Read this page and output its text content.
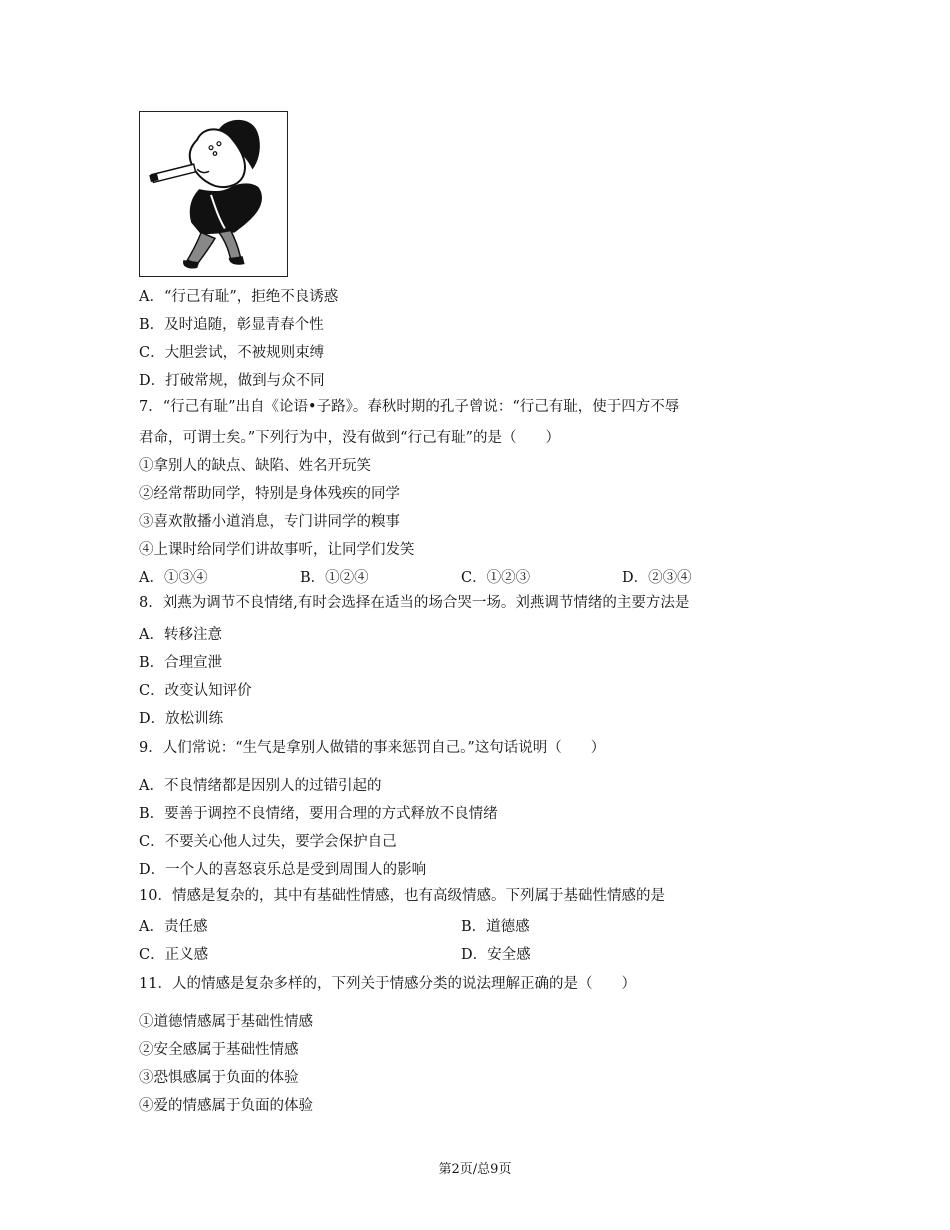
A．“行己有耻”，拒绝不良诱惑
B．及时追随，彰显青春个性
C．大胆尝试，不被规则束缚
D．打破常规，做到与众不同
7．“行己有耻”出自《论语•子路》。春秋时期的孔子曾说：“行己有耻，使于四方不辱
君命，可谓士矣。”下列行为中，没有做到“行己有耻”的是（　　）
①拿别人的缺点、缺陷、姓名开玩笑
②经常帮助同学，特别是身体残疾的同学
③喜欢散播小道消息，专门讲同学的糗事
④上课时给同学们讲故事听，让同学们发笑
A．①③④	B．①②④	C．①②③	D．②③④
8．刘燕为调节不良情绪,有时会选择在适当的场合哭一场。刘燕调节情绪的主要方法是
A．转移注意
B．合理宣泄
C．改变认知评价
D．放松训练
9．人们常说：“生气是拿别人做错的事来惩罚自己。”这句话说明（　　）
A．不良情绪都是因别人的过错引起的
B．要善于调控不良情绪，要用合理的方式释放不良情绪
C．不要关心他人过失，要学会保护自己
D．一个人的喜怒哀乐总是受到周围人的影响
10．情感是复杂的，其中有基础性情感，也有高级情感。下列属于基础性情感的是
A．责任感	B．道德感
C．正义感	D．安全感
11．人的情感是复杂多样的，下列关于情感分类的说法理解正确的是（　　）
①道德情感属于基础性情感
②安全感属于基础性情感
③恐惧感属于负面的体验
④爱的情感属于负面的体验
第2页/总9页
